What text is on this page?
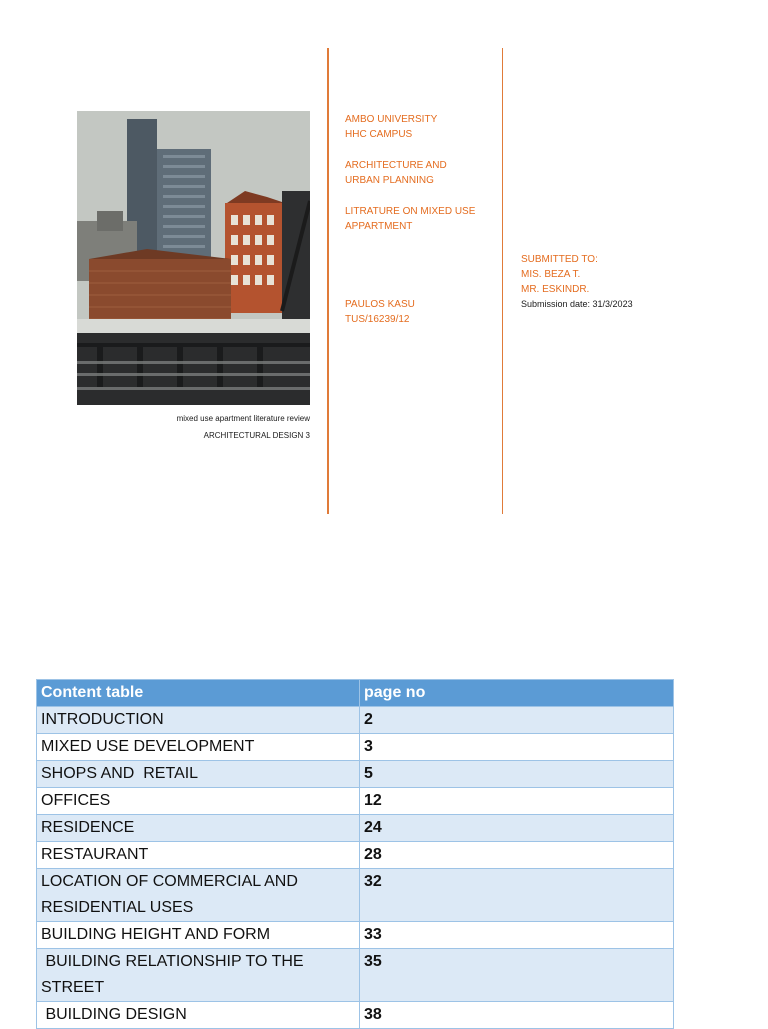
mixed use apartment literature review
ARCHITECTURAL DESIGN 3
AMBO UNIVERSITY
HHC CAMPUS
ARCHITECTURE AND
URBAN PLANNING
LITRATURE ON MIXED USE
APPARTMENT
PAULOS KASU
TUS/16239/12
SUBMITTED TO:
MIS. BEZA T.
MR. ESKINDR.
Submission date: 31/3/2023
Content table	page no
INTRODUCTION	2
MIXED USE DEVELOPMENT	3
SHOPS AND  RETAIL	5
OFFICES	12
RESIDENCE	24
RESTAURANT	28
LOCATION OF COMMERCIAL AND RESIDENTIAL USES	32
BUILDING HEIGHT AND FORM	33
BUILDING RELATIONSHIP TO THE STREET	35
BUILDING DESIGN	38
